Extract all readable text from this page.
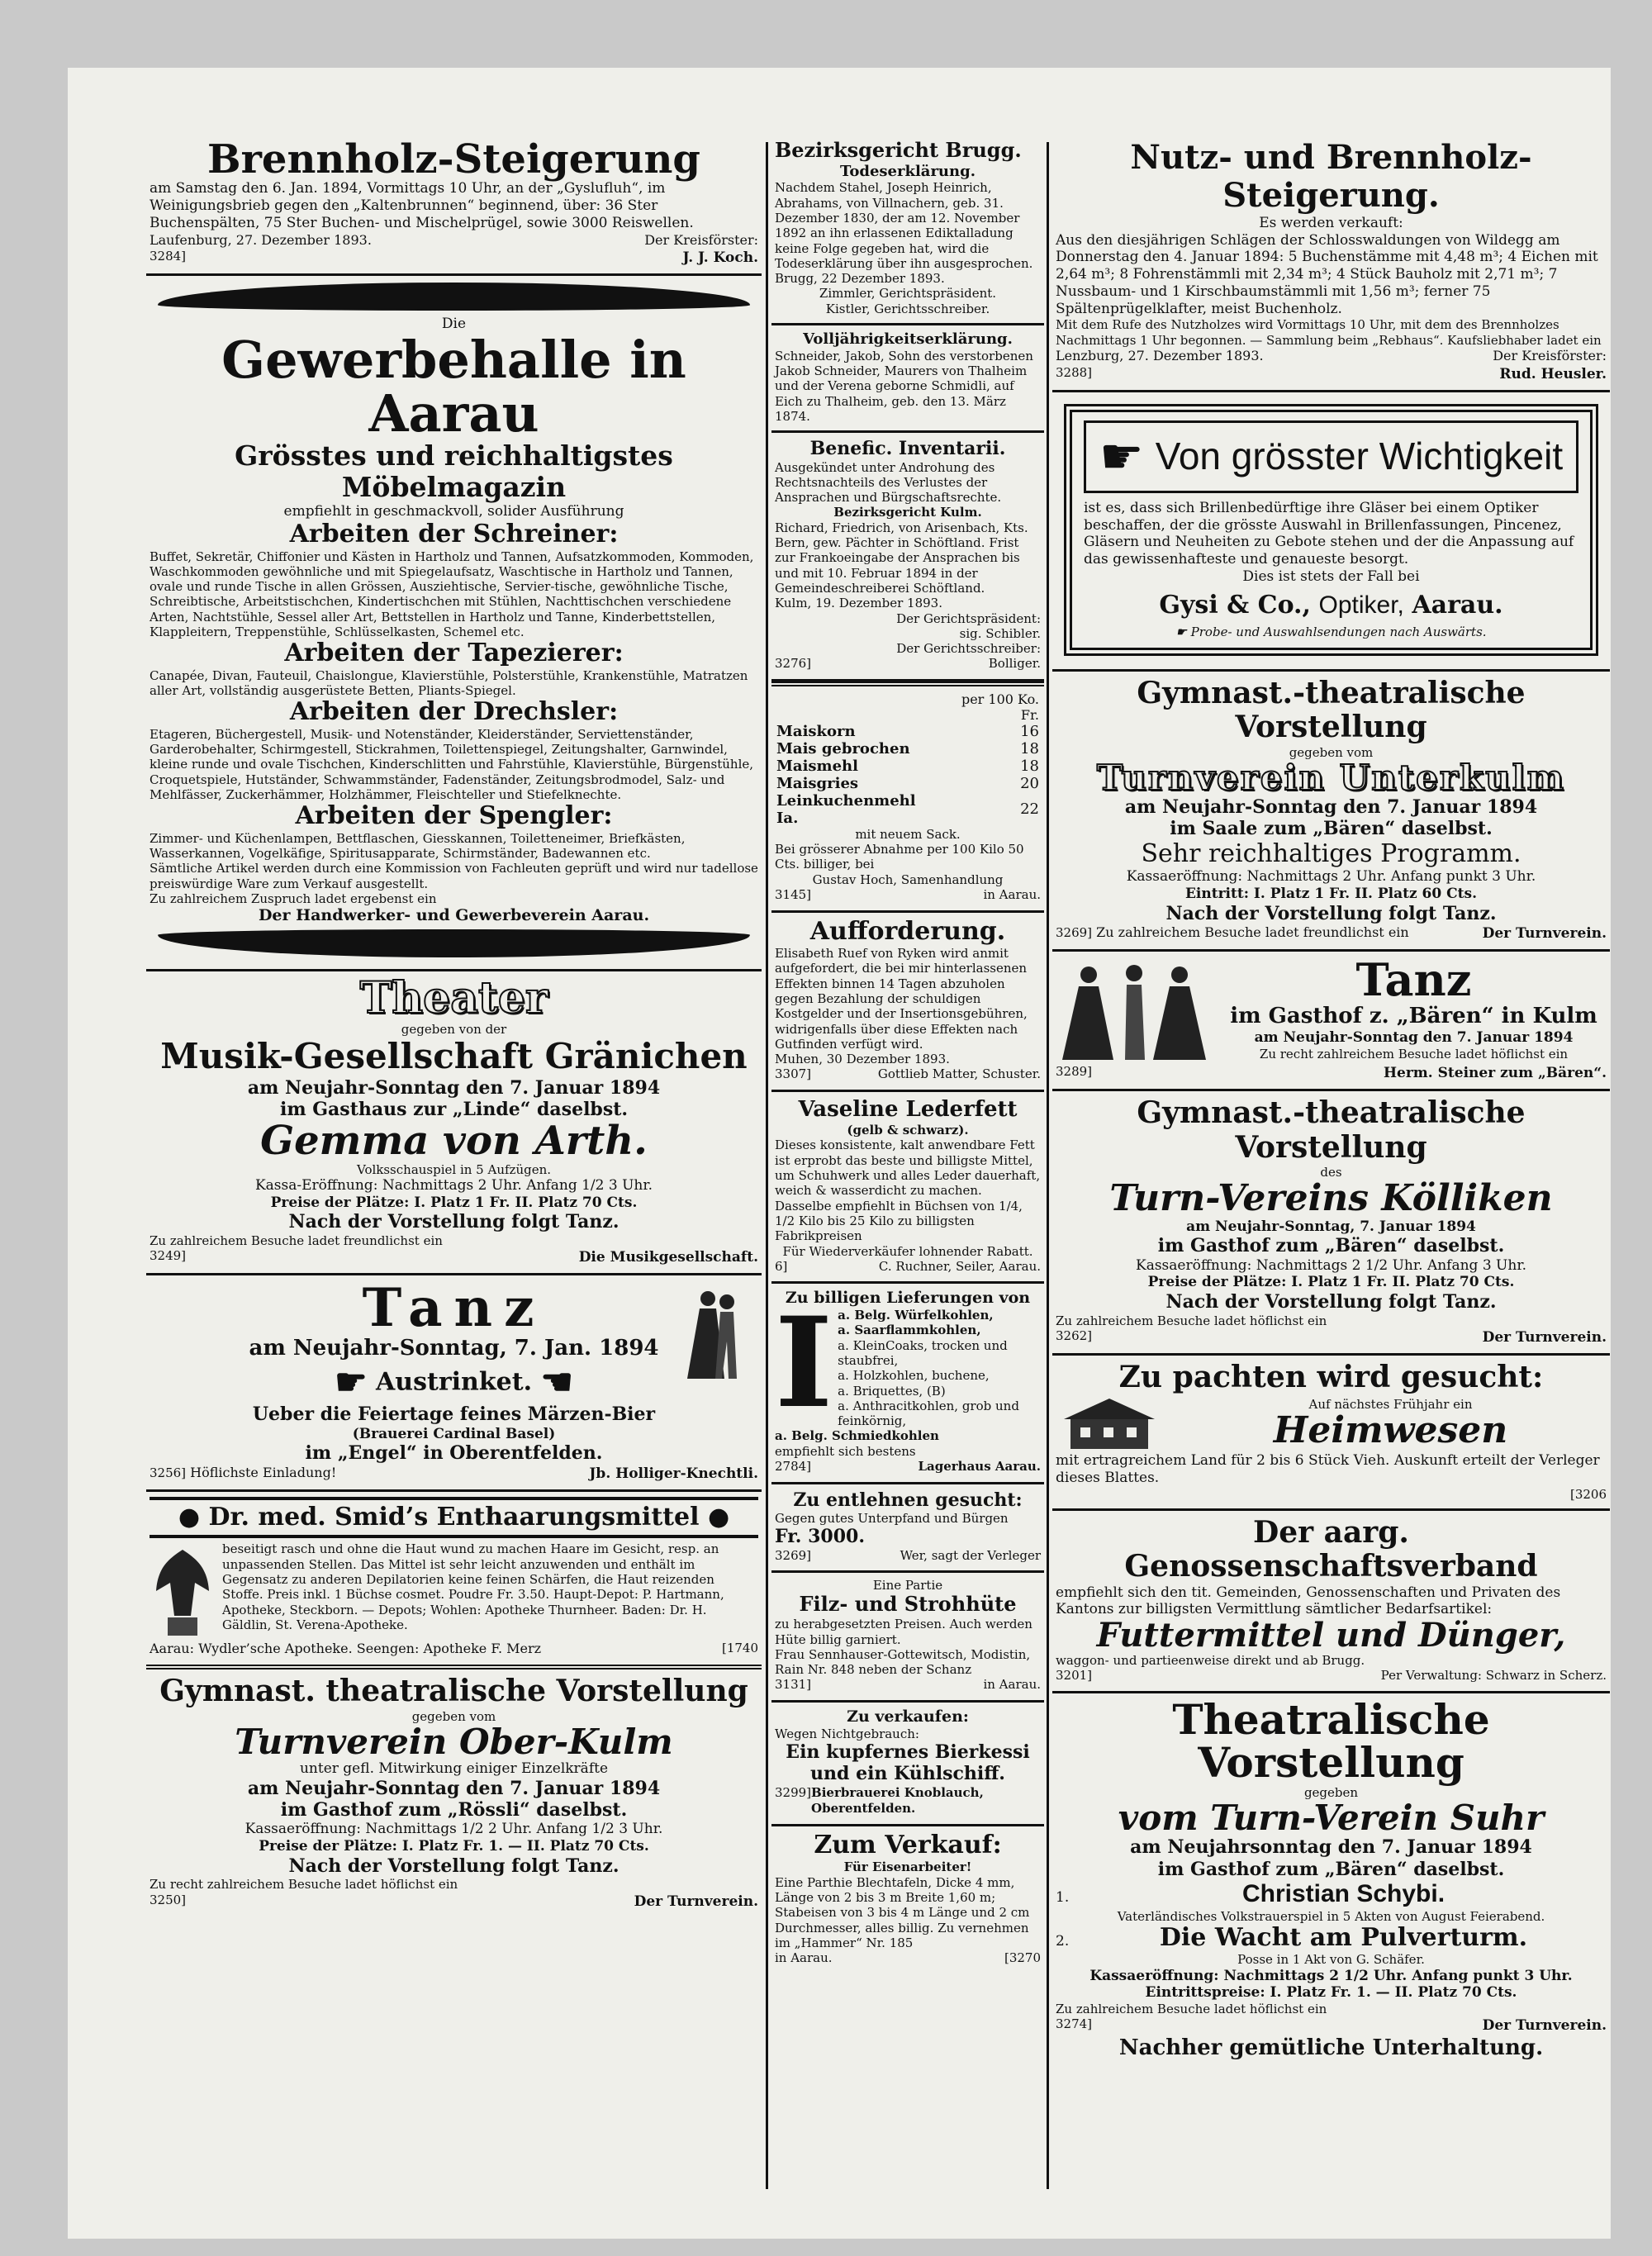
Brennholz-Steigerung
am Samstag den 6. Jan. 1894, Vormittags 10 Uhr, an der „Gyslufluh“, im Weinigungsbrieb gegen den „Kaltenbrunnen“ beginnend, über: 36 Ster Buchenspälten, 75 Ster Buchen- und Mischelprügel, sowie 3000 Reiswellen.
Laufenburg, 27. Dezember 1893.	Der Kreisförster:
3284]	J. J. Koch.
Die
Gewerbehalle in Aarau
Grösstes und reichhaltigstes Möbelmagazin
empfiehlt in geschmackvoll, solider Ausführung
Arbeiten der Schreiner:
Buffet, Sekretär, Chiffonier und Kästen in Hartholz und Tannen, Aufsatzkommoden, Kommoden, Waschkommoden gewöhnliche und mit Spiegelaufsatz, Waschtische in Hartholz und Tannen, ovale und runde Tische in allen Grössen, Ausziehtische, Servier-tische, gewöhnliche Tische, Schreibtische, Arbeitstischchen, Kindertischchen mit Stühlen, Nachttischchen verschiedene Arten, Nachtstühle, Sessel aller Art, Bettstellen in Hartholz und Tanne, Kinderbettstellen, Klappleitern, Treppenstühle, Schlüsselkasten, Schemel etc.
Arbeiten der Tapezierer:
Canapée, Divan, Fauteuil, Chaislongue, Klavierstühle, Polsterstühle, Krankenstühle, Matratzen aller Art, vollständig ausgerüstete Betten, Pliants-Spiegel.
Arbeiten der Drechsler:
Etageren, Büchergestell, Musik- und Notenständer, Kleiderständer, Serviettenständer, Garderobehalter, Schirmgestell, Stickrahmen, Toilettenspiegel, Zeitungshalter, Garnwindel, kleine runde und ovale Tischchen, Kinderschlitten und Fahrstühle, Klavierstühle, Bürgenstühle, Croquetspiele, Hutständer, Schwammständer, Fadenständer, Zeitungsbrodmodel, Salz- und Mehlfässer, Zuckerhämmer, Holzhämmer, Fleischteller und Stiefelknechte.
Arbeiten der Spengler:
Zimmer- und Küchenlampen, Bettflaschen, Giesskannen, Toiletteneimer, Briefkästen, Wasserkannen, Vogelkäfige, Spiritusapparate, Schirmständer, Badewannen etc.
Sämtliche Artikel werden durch eine Kommission von Fachleuten geprüft und wird nur tadellose preiswürdige Ware zum Verkauf ausgestellt.
Zu zahlreichem Zuspruch ladet ergebenst ein
Der Handwerker- und Gewerbeverein Aarau.
Theater
gegeben von der
Musik-Gesellschaft Gränichen
am Neujahr-Sonntag den 7. Januar 1894
im Gasthaus zur „Linde“ daselbst.
Gemma von Arth.
Volksschauspiel in 5 Aufzügen.
Kassa-Eröffnung: Nachmittags 2 Uhr. Anfang 1/2 3 Uhr.
Preise der Plätze: I. Platz 1 Fr. II. Platz 70 Cts.
Nach der Vorstellung folgt Tanz.
Zu zahlreichem Besuche ladet freundlichst ein
3249]	Die Musikgesellschaft.
Tanz
am Neujahr-Sonntag, 7. Jan. 1894
☛ Austrinket. ☚
Ueber die Feiertage feines Märzen-Bier
(Brauerei Cardinal Basel)
im „Engel“ in Oberentfelden.
3256] Höflichste Einladung!	Jb. Holliger-Knechtli.
● Dr. med. Smid’s Enthaarungsmittel ●
beseitigt rasch und ohne die Haut wund zu machen Haare im Gesicht, resp. an unpassenden Stellen. Das Mittel ist sehr leicht anzuwenden und enthält im Gegensatz zu anderen Depilatorien keine feinen Schärfen, die Haut reizenden Stoffe. Preis inkl. 1 Büchse cosmet. Poudre Fr. 3.50. Haupt-Depot: P. Hartmann, Apotheke, Steckborn. — Depots; Wohlen: Apotheke Thurnheer. Baden: Dr. H. Gäldlin, St. Verena-Apotheke.
Aarau: Wydler’sche Apotheke. Seengen: Apotheke F. Merz	[1740
Gymnast. theatralische Vorstellung
gegeben vom
Turnverein Ober-Kulm
unter gefl. Mitwirkung einiger Einzelkräfte
am Neujahr-Sonntag den 7. Januar 1894
im Gasthof zum „Rössli“ daselbst.
Kassaeröffnung: Nachmittags 1/2 2 Uhr. Anfang 1/2 3 Uhr.
Preise der Plätze: I. Platz Fr. 1. — II. Platz 70 Cts.
Nach der Vorstellung folgt Tanz.
Zu recht zahlreichem Besuche ladet höflichst ein
3250]	Der Turnverein.
Bezirksgericht Brugg.
Todeserklärung.
Nachdem Stahel, Joseph Heinrich, Abrahams, von Villnachern, geb. 31. Dezember 1830, der am 12. November 1892 an ihn erlassenen Ediktalladung keine Folge gegeben hat, wird die Todeserklärung über ihn ausgesprochen.
Brugg, 22 Dezember 1893.
Zimmler, Gerichtspräsident.
Kistler, Gerichtsschreiber.
Volljährigkeitserklärung.
Schneider, Jakob, Sohn des verstorbenen Jakob Schneider, Maurers von Thalheim und der Verena geborne Schmidli, auf Eich zu Thalheim, geb. den 13. März 1874.
Benefic. Inventarii.
Ausgekündet unter Androhung des Rechtsnachteils des Verlustes der Ansprachen und Bürgschaftsrechte.
Bezirksgericht Kulm.
Richard, Friedrich, von Arisenbach, Kts. Bern, gew. Pächter in Schöftland. Frist zur Frankoeingabe der Ansprachen bis und mit 10. Februar 1894 in der Gemeindeschreiberei Schöftland.
Kulm, 19. Dezember 1893.
Der Gerichtspräsident:
sig. Schibler.
Der Gerichtsschreiber:
3276]	Bolliger.
	per 100 Ko. Fr.
Maiskorn	16
Mais gebrochen	18
Maismehl	18
Maisgries	20
Leinkuchenmehl Ia.	22
mit neuem Sack.
Bei grösserer Abnahme per 100 Kilo 50 Cts. billiger, bei
Gustav Hoch, Samenhandlung
3145]	in Aarau.
Aufforderung.
Elisabeth Ruef von Ryken wird anmit aufgefordert, die bei mir hinterlassenen Effekten binnen 14 Tagen abzuholen gegen Bezahlung der schuldigen Kostgelder und der Insertionsgebühren, widrigenfalls über diese Effekten nach Gutfinden verfügt wird.
Muhen, 30 Dezember 1893.
3307]	Gottlieb Matter, Schuster.
Vaseline Lederfett
(gelb & schwarz).
Dieses konsistente, kalt anwendbare Fett ist erprobt das beste und billigste Mittel, um Schuhwerk und alles Leder dauerhaft, weich & wasserdicht zu machen. Dasselbe empfiehlt in Büchsen von 1/4, 1/2 Kilo bis 25 Kilo zu billigsten Fabrikpreisen
Für Wiederverkäufer lohnender Rabatt.
6]	C. Ruchner, Seiler, Aarau.
Zu billigen Lieferungen von
I a. Belg. Würfelkohlen,
a. Saarflammkohlen,
a. KleinCoaks, trocken und staubfrei,
a. Holzkohlen, buchene,
a. Briquettes, (B)
a. Anthracitkohlen, grob und feinkörnig,
a. Belg. Schmiedkohlen
empfiehlt sich bestens
2784]	Lagerhaus Aarau.
Zu entlehnen gesucht:
Gegen gutes Unterpfand und Bürgen
Fr. 3000.
3269]	Wer, sagt der Verleger
Eine Partie
Filz- und Strohhüte
zu herabgesetzten Preisen. Auch werden Hüte billig garniert.
Frau Sennhauser-Gottewitsch, Modistin, Rain Nr. 848 neben der Schanz
3131]	in Aarau.
Zu verkaufen:
Wegen Nichtgebrauch:
Ein kupfernes Bierkessi und ein Kühlschiff.
3299] Bierbrauerei Knoblauch, Oberentfelden.
Zum Verkauf:
Für Eisenarbeiter!
Eine Parthie Blechtafeln, Dicke 4 mm, Länge von 2 bis 3 m Breite 1,60 m; Stabeisen von 3 bis 4 m Länge und 2 cm Durchmesser, alles billig. Zu vernehmen im „Hammer“ Nr. 185
in Aarau.	[3270
Nutz- und Brennholz-Steigerung.
Es werden verkauft:
Aus den diesjährigen Schlägen der Schlosswaldungen von Wildegg am Donnerstag den 4. Januar 1894: 5 Buchenstämme mit 4,48 m³; 4 Eichen mit 2,64 m³; 8 Fohrenstämmli mit 2,34 m³; 4 Stück Bauholz mit 2,71 m³; 7 Nussbaum- und 1 Kirschbaumstämmli mit 1,56 m³; ferner 75 Spältenprügelklafter, meist Buchenholz.
Mit dem Rufe des Nutzholzes wird Vormittags 10 Uhr, mit dem des Brennholzes Nachmittags 1 Uhr begonnen. — Sammlung beim „Rebhaus“. Kaufsliebhaber ladet ein
Lenzburg, 27. Dezember 1893.	Der Kreisförster:
3288]	Rud. Heusler.
☛ Von grösster Wichtigkeit
ist es, dass sich Brillenbedürftige ihre Gläser bei einem Optiker beschaffen, der die grösste Auswahl in Brillenfassungen, Pincenez, Gläsern und Neuheiten zu Gebote stehen und der die Anpassung auf das gewissenhafteste und genaueste besorgt.
Dies ist stets der Fall bei
Gysi & Co., Optiker, Aarau.
☛ Probe- und Auswahlsendungen nach Auswärts.
Gymnast.-theatralische Vorstellung
gegeben vom
Turnverein Unterkulm
am Neujahr-Sonntag den 7. Januar 1894
im Saale zum „Bären“ daselbst.
Sehr reichhaltiges Programm.
Kassaeröffnung: Nachmittags 2 Uhr. Anfang punkt 3 Uhr.
Eintritt: I. Platz 1 Fr. II. Platz 60 Cts.
Nach der Vorstellung folgt Tanz.
3269] Zu zahlreichem Besuche ladet freundlichst ein	Der Turnverein.
Tanz
im Gasthof z. „Bären“ in Kulm
am Neujahr-Sonntag den 7. Januar 1894
Zu recht zahlreichem Besuche ladet höflichst ein
3289]	Herm. Steiner zum „Bären“.
Gymnast.-theatralische Vorstellung
des
Turn-Vereins Kölliken
am Neujahr-Sonntag, 7. Januar 1894
im Gasthof zum „Bären“ daselbst.
Kassaeröffnung: Nachmittags 2 1/2 Uhr. Anfang 3 Uhr.
Preise der Plätze: I. Platz 1 Fr. II. Platz 70 Cts.
Nach der Vorstellung folgt Tanz.
Zu zahlreichem Besuche ladet höflichst ein
3262]	Der Turnverein.
Zu pachten wird gesucht:
Auf nächstes Frühjahr ein
Heimwesen
mit ertragreichem Land für 2 bis 6 Stück Vieh. Auskunft erteilt der Verleger dieses Blattes.
[3206
Der aarg. Genossenschaftsverband
empfiehlt sich den tit. Gemeinden, Genossenschaften und Privaten des Kantons zur billigsten Vermittlung sämtlicher Bedarfsartikel:
Futtermittel und Dünger,
waggon- und partieenweise direkt und ab Brugg.
3201]	Per Verwaltung: Schwarz in Scherz.
Theatralische Vorstellung
gegeben
vom Turn-Verein Suhr
am Neujahrsonntag den 7. Januar 1894
im Gasthof zum „Bären“ daselbst.
1.	Christian Schybi.
Vaterländisches Volkstrauerspiel in 5 Akten von August Feierabend.
2.	Die Wacht am Pulverturm.
Posse in 1 Akt von G. Schäfer.
Kassaeröffnung: Nachmittags 2 1/2 Uhr. Anfang punkt 3 Uhr.
Eintrittspreise: I. Platz Fr. 1. — II. Platz 70 Cts.
Zu zahlreichem Besuche ladet höflichst ein
3274]	Der Turnverein.
Nachher gemütliche Unterhaltung.
